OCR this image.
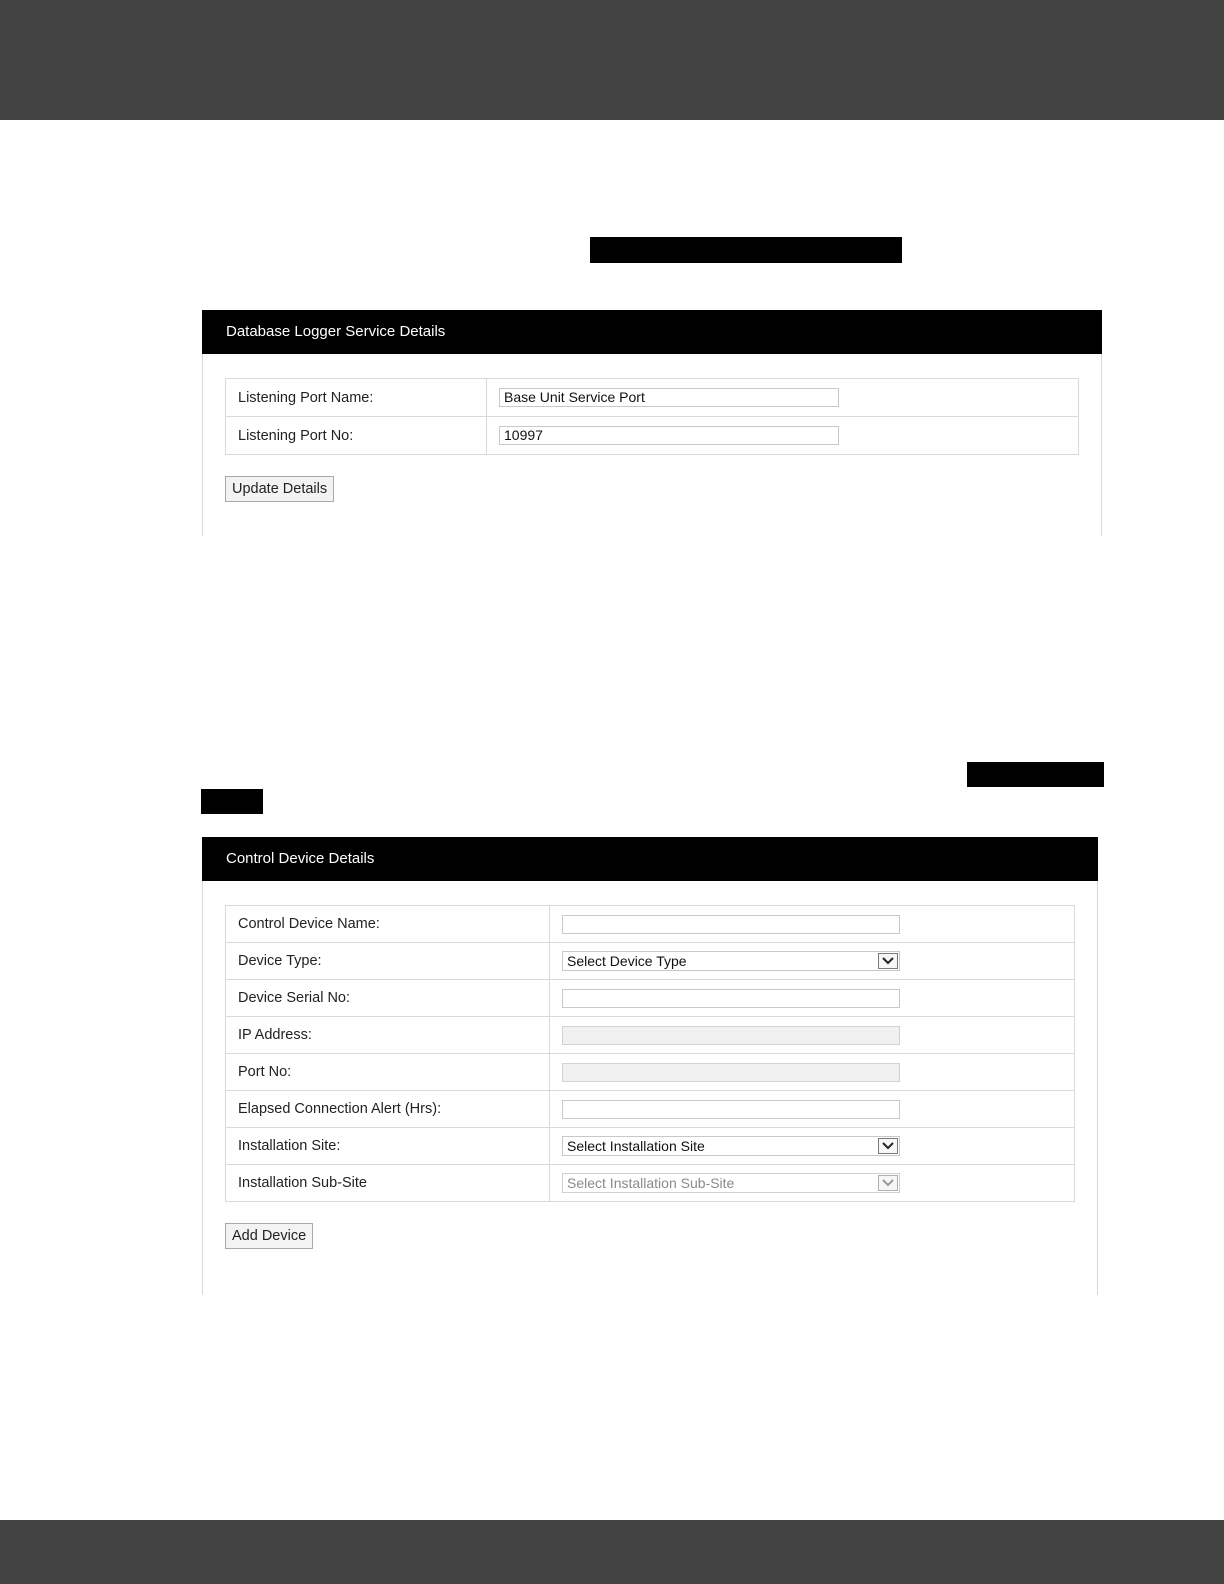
Database Logger Service Details
Listening Port Name:	Base Unit Service Port

Listening Port No:	10997
Update Details
Control Device Details
Control Device Name:	

Device Type:	Select Device Type

Device Serial No:	

IP Address:	

Port No:	

Elapsed Connection Alert (Hrs):	

Installation Site:	Select Installation Site

Installation Sub-Site	Select Installation Sub-Site
Add Device
